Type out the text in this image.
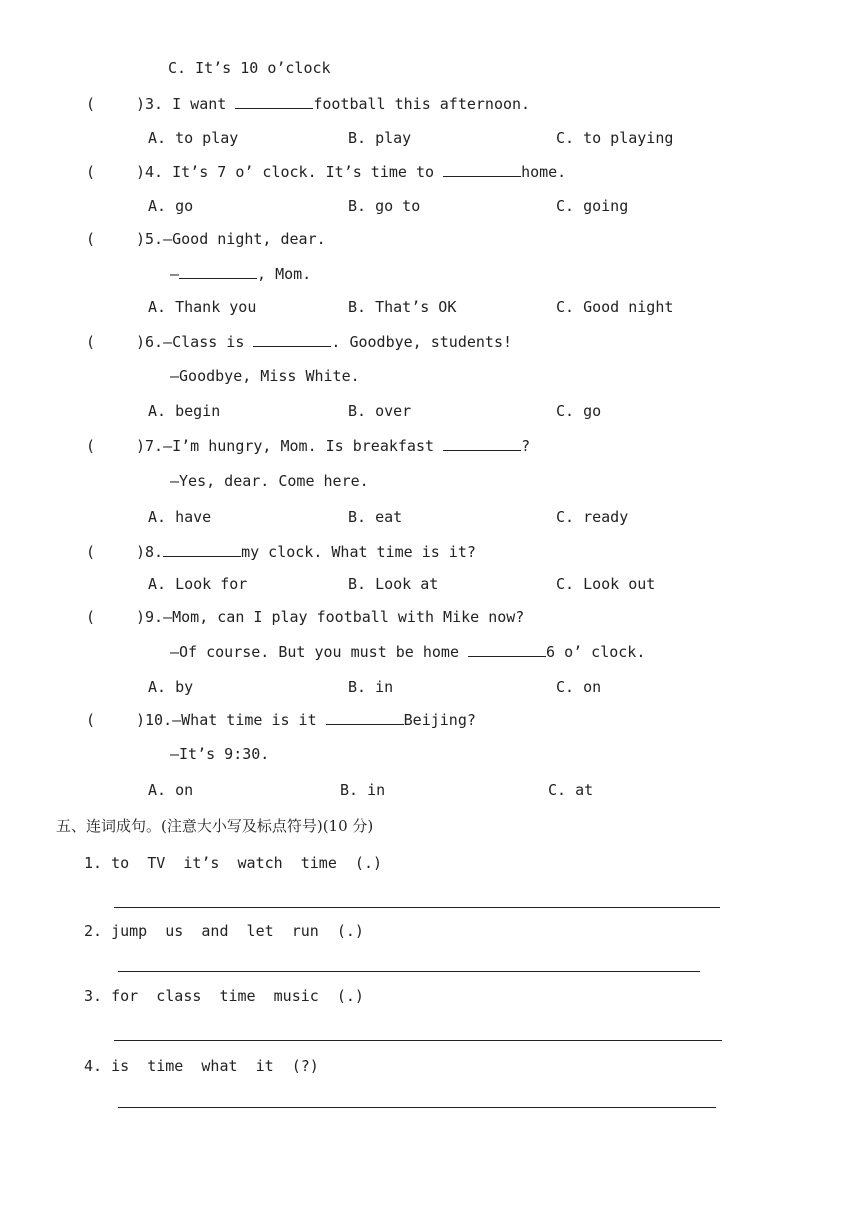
C. It’s 10 o’clock
(	)3. I want	football this afternoon.
A. to play	B. play	C. to playing
(	)4. It’s 7 o’ clock. It’s time to	home.
A. go	B. go to	C. going
(	)5.—Good night, dear.
—	, Mom.
A. Thank you	B. That’s OK	C. Good night
(	)6.—Class is	. Goodbye, students!
—Goodbye, Miss White.
A. begin	B. over	C. go
(	)7.—I’m hungry, Mom. Is breakfast	?
—Yes, dear. Come here.
A. have	B. eat	C. ready
(	)8.	my clock. What time is it?
A. Look for	B. Look at	C. Look out
(	)9.—Mom, can I play football with Mike now?
—Of course. But you must be home	6 o’ clock.
A. by	B. in	C. on
(	)10.—What time is it	Beijing?
—It’s 9:30.
A. on	B. in	C. at
五、连词成句。(注意大小写及标点符号)(10 分)
1. to  TV  it’s  watch  time  (.)
2. jump  us  and  let  run  (.)
3. for  class  time  music  (.)
4. is  time  what  it  (?)
